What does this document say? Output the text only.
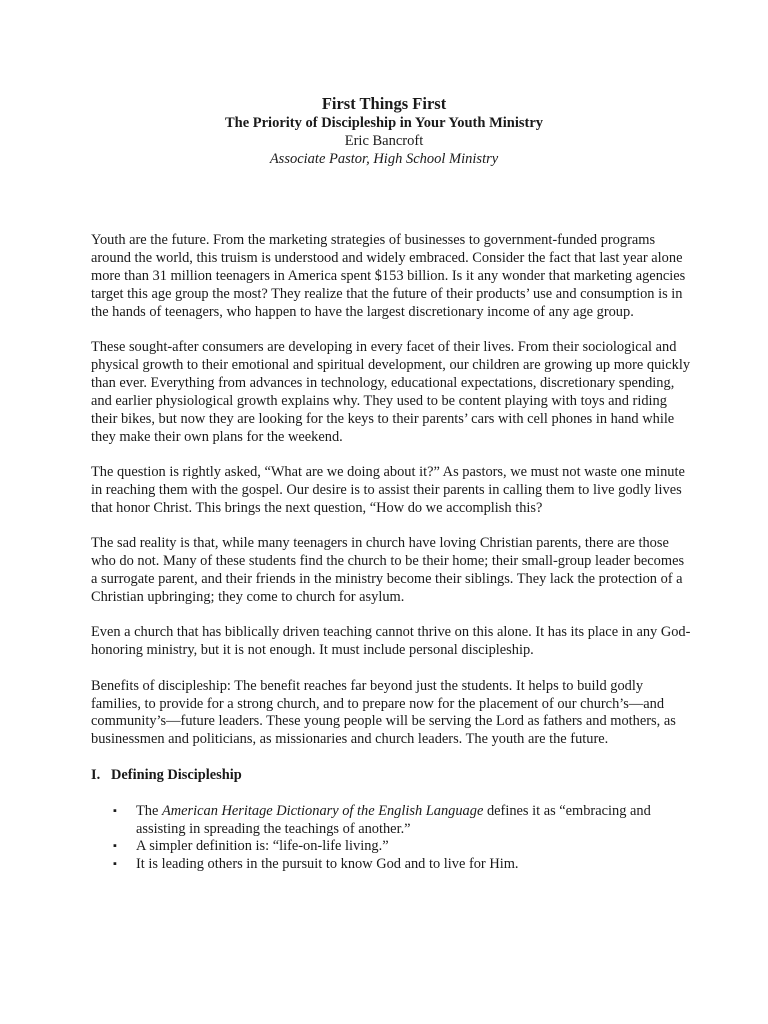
First Things First
The Priority of Discipleship in Your Youth Ministry
Eric Bancroft
Associate Pastor, High School Ministry

Youth are the future. From the marketing strategies of businesses to government-funded programs around the world, this truism is understood and widely embraced. Consider the fact that last year alone more than 31 million teenagers in America spent $153 billion. Is it any wonder that marketing agencies target this age group the most? They realize that the future of their products’ use and consumption is in the hands of teenagers, who happen to have the largest discretionary income of any age group.

These sought-after consumers are developing in every facet of their lives. From their sociological and physical growth to their emotional and spiritual development, our children are growing up more quickly than ever. Everything from advances in technology, educational expectations, discretionary spending, and earlier physiological growth explains why. They used to be content playing with toys and riding their bikes, but now they are looking for the keys to their parents’ cars with cell phones in hand while they make their own plans for the weekend.

The question is rightly asked, “What are we doing about it?” As pastors, we must not waste one minute in reaching them with the gospel. Our desire is to assist their parents in calling them to live godly lives that honor Christ. This brings the next question, “How do we accomplish this?

The sad reality is that, while many teenagers in church have loving Christian parents, there are those who do not. Many of these students find the church to be their home; their small-group leader becomes a surrogate parent, and their friends in the ministry become their siblings. They lack the protection of a Christian upbringing; they come to church for asylum.

Even a church that has biblically driven teaching cannot thrive on this alone. It has its place in any God-honoring ministry, but it is not enough. It must include personal discipleship.

Benefits of discipleship: The benefit reaches far beyond just the students. It helps to build godly families, to provide for a strong church, and to prepare now for the placement of our church’s—and community’s—future leaders. These young people will be serving the Lord as fathers and mothers, as businessmen and politicians, as missionaries and church leaders. The youth are the future.

I. Defining Discipleship
▪ The American Heritage Dictionary of the English Language defines it as “embracing and assisting in spreading the teachings of another.”
▪ A simpler definition is: “life-on-life living.”
▪ It is leading others in the pursuit to know God and to live for Him.
